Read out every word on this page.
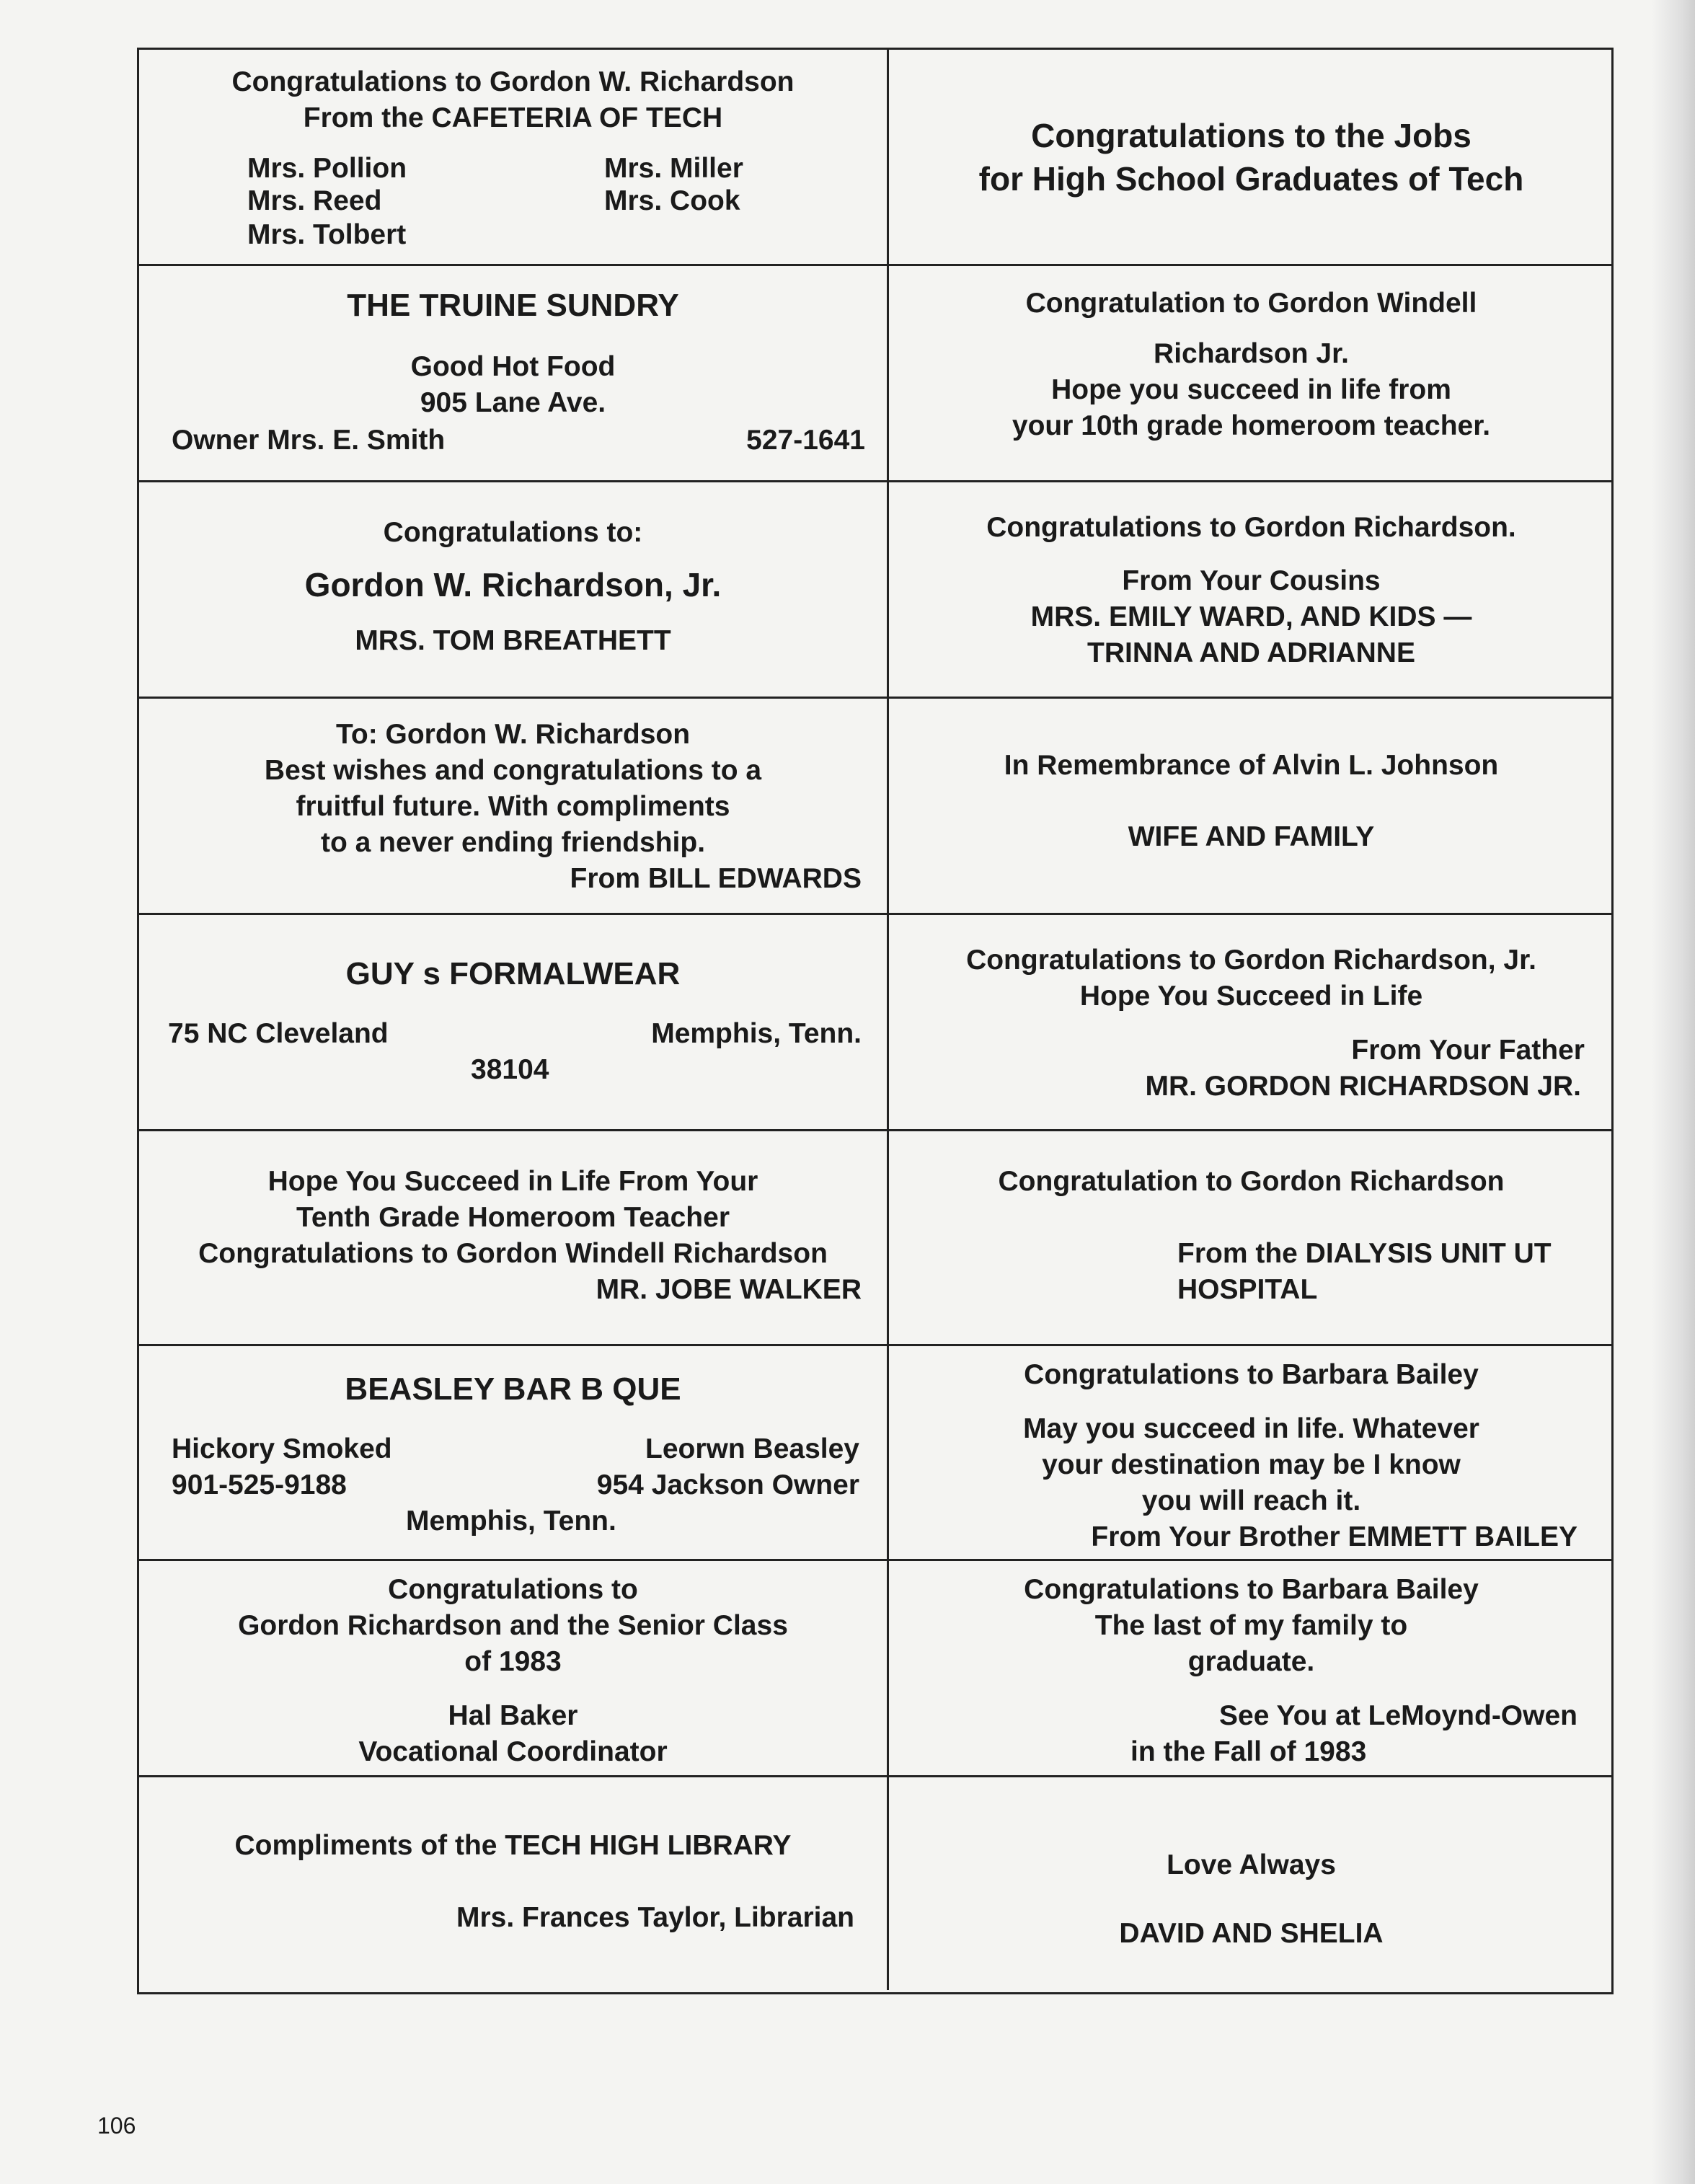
Congratulations to Gordon W. Richardson
From the CAFETERIA OF TECH
Mrs. Pollion
Mrs. Reed
Mrs. Tolbert
Mrs. Miller
Mrs. Cook
Congratulations to the Jobs
for High School Graduates of Tech
THE TRUINE SUNDRY
Good Hot Food
905 Lane Ave.
Owner Mrs. E. Smith	527-1641
Congratulation to Gordon Windell
Richardson Jr.
Hope you succeed in life from
your 10th grade homeroom teacher.
Congratulations to:
Gordon W. Richardson, Jr.
MRS. TOM BREATHETT
Congratulations to Gordon Richardson.
From Your Cousins
MRS. EMILY WARD, AND KIDS —
TRINNA AND ADRIANNE
To: Gordon W. Richardson
Best wishes and congratulations to a
fruitful future. With compliments
to a never ending friendship.
From BILL EDWARDS
In Remembrance of Alvin L. Johnson
WIFE AND FAMILY
GUY s FORMALWEAR
75 NC Cleveland	Memphis, Tenn.
38104
Congratulations to Gordon Richardson, Jr.
Hope You Succeed in Life
From Your Father
MR. GORDON RICHARDSON JR.
Hope You Succeed in Life From Your
Tenth Grade Homeroom Teacher
Congratulations to Gordon Windell Richardson
MR. JOBE WALKER
Congratulation to Gordon Richardson
From the DIALYSIS UNIT UT
HOSPITAL
BEASLEY BAR B QUE
Hickory Smoked
901-525-9188
Leorwn Beasley
954 Jackson Owner
Memphis, Tenn.
Congratulations to Barbara Bailey
May you succeed in life. Whatever
your destination may be I know
you will reach it.
From Your Brother EMMETT BAILEY
Congratulations to
Gordon Richardson and the Senior Class
of 1983
Hal Baker
Vocational Coordinator
Congratulations to Barbara Bailey
The last of my family to
graduate.
See You at LeMoynd-Owen
in the Fall of 1983
Compliments of the TECH HIGH LIBRARY
Mrs. Frances Taylor, Librarian
Love Always
DAVID AND SHELIA
106
